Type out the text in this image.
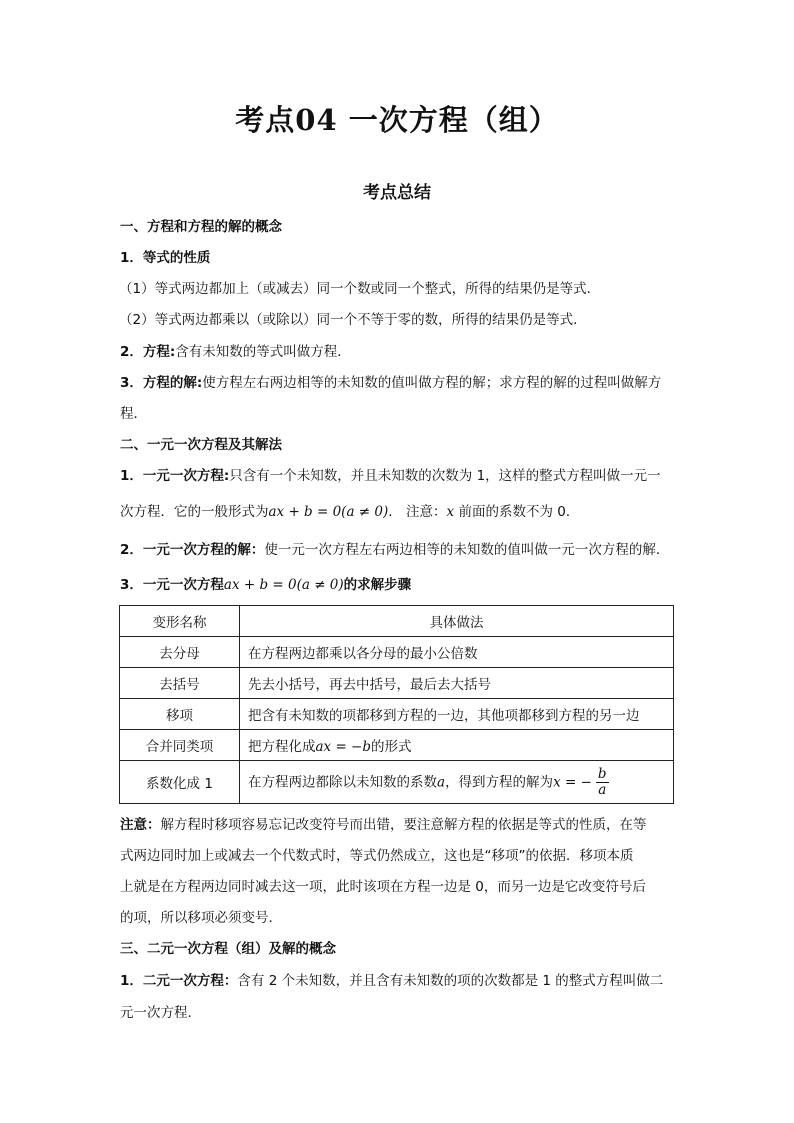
考点04 一次方程（组）
考点总结
一、方程和方程的解的概念
1．等式的性质
（1）等式两边都加上（或减去）同一个数或同一个整式，所得的结果仍是等式．
（2）等式两边都乘以（或除以）同一个不等于零的数，所得的结果仍是等式．
2．方程:含有未知数的等式叫做方程．
3．方程的解:使方程左右两边相等的未知数的值叫做方程的解；求方程的解的过程叫做解方
程．
二、一元一次方程及其解法
1．一元一次方程:只含有一个未知数，并且未知数的次数为 1，这样的整式方程叫做一元一
次方程．它的一般形式为ax + b = 0(a ≠ 0)． 注意：x 前面的系数不为 0．
2．一元一次方程的解：使一元一次方程左右两边相等的未知数的值叫做一元一次方程的解．
3．一元一次方程ax + b = 0(a ≠ 0)的求解步骤
变形名称	具体做法
去分母	在方程两边都乘以各分母的最小公倍数
去括号	先去小括号，再去中括号，最后去大括号
移项	把含有未知数的项都移到方程的一边，其他项都移到方程的另一边
合并同类项	把方程化成ax = −b的形式
系数化成 1	在方程两边都除以未知数的系数a，得到方程的解为x = − $\frac{b}{a}$
注意：解方程时移项容易忘记改变符号而出错，要注意解方程的依据是等式的性质，在等
式两边同时加上或减去一个代数式时，等式仍然成立，这也是“移项”的依据．移项本质
上就是在方程两边同时减去这一项，此时该项在方程一边是 0，而另一边是它改变符号后
的项，所以移项必须变号．
三、二元一次方程（组）及解的概念
1．二元一次方程：含有 2 个未知数，并且含有未知数的项的次数都是 1 的整式方程叫做二
元一次方程．
